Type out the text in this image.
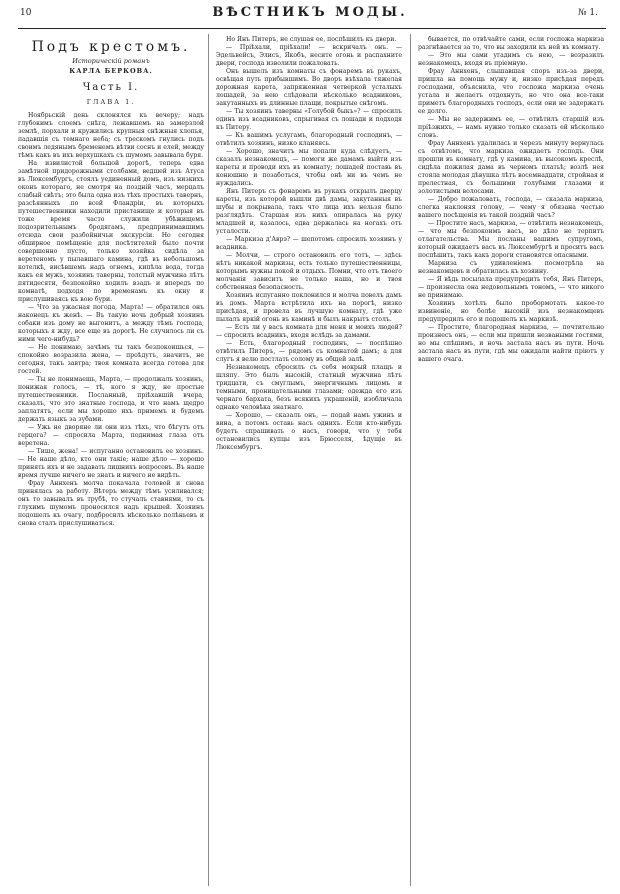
10	ВѢСТНИКЪ МОДЫ.	№ 1.
Подъ крестомъ.
Историческій романъ
КАРЛА БЕРКОВА.
Часть I.
ГЛАВА 1.

Ноябрьскій день склонялся къ вечеру; надъ глубокимъ слоемъ снѣга, лежавшемъ на замерзлой землѣ, порхали и кружились крупныя снѣжныя хлопья, падавшія съ темнаго неба; съ трескомъ гнулись подъ своимъ ледянымъ бременемъ вѣтви соснъ и елей, между тѣмъ какъ въ ихъ верхушкахъ съ шумомъ завывала буря.

На извилистой большой дорогѣ, теперь едва замѣтной придорожными столбами, ведшей изъ Атуса въ Люксембургъ, стоялъ уединенный домъ, изъ низкихъ оконъ котораго, не смотря на поздній часъ, мерцалъ слабый свѣтъ; это была одна изъ тѣхъ простыхъ тавернъ, разсѣянныхъ по всей Фландріи, въ которыхъ путешественники находили пристанище и которыя въ тоже время часто служили убѣжищемъ подозрительнымъ бродягамъ, предпринимавшимъ отсюда свои разбойничьи экскурсіи. Но сегодня обширное помѣщеніе для посѣтителей было почти совершенно пусто, только хозяйка сидѣла за веретеномъ у пылавшаго камина, гдѣ въ небольшомъ котелкѣ, висѣвшемъ надъ огнемъ, кипѣла вода, тогда какъ ея мужъ, хозяинъ таверны, толстый мужчина лѣтъ пятидесяти, безпокойно ходилъ взадъ и впередъ по комнатѣ, подходя по временамъ къ окну и прислушиваясь къ вою бури.

— Что за ужасная погода, Марта! — обратился онъ наконецъ къ женѣ. — Въ такую ночь добрый хозяинъ собаки изъ дому не выгонитъ, а между тѣмъ господа, которыхъ я жду, все еще въ дорогѣ. Не случилось ли съ ними чего-нибудь?

— Не понимаю, зачѣмъ ты такъ безпокоишься, — спокойно возразила жена, — проѣдутъ, значитъ, не сегодня, такъ завтра; твоя комната всегда готова для гостей.

— Ты не понимаешь, Марта, — продолжалъ хозяинъ, понижая голосъ, — тѣ, кого я жду, не простые путешественники. Посланный, пріѣхавшій вчера, сказалъ, что это знатные господа, и что намъ щедро заплатятъ, если мы хорошо ихъ примемъ и будемъ держать языкъ за зубами.

— Ужь не дворяне ли они изъ тѣхъ, что бѣгутъ отъ герцога? — спросила Марта, поднимая глаза отъ веретена.

— Тише, жена! — испуганно остановилъ ее хозяинъ. — Не наше дѣло, кто они такіе; наше дѣло — хорошо принять ихъ и не задавать лишнихъ вопросовъ. Въ наше время лучше ничего не знать и ничего не видѣть.

Фрау Аннхенъ молча покачала головой и снова принялась за работу. Вѣтеръ между тѣмъ усиливался; онъ то завывалъ въ трубѣ, то стучалъ ставнями, то съ глухимъ шумомъ проносился надъ крышей. Хозяинъ подошелъ къ очагу, подбросилъ нѣсколько полѣньевъ и снова сталъ прислушиваться.

Но Янъ Питеръ, не слушая ее, поспѣшилъ къ двери.

— Пріѣхали, пріѣхали! — вскричалъ онъ. — Эдельвейсъ, Элисъ, Якобъ, несите огонь и распахните двери, господа изволили пожаловать.

Онъ вышелъ изъ комнаты съ фонаремъ въ рукахъ, освѣщая путь прибывшимъ. Во дворъ въѣхала тяжелая дорожная карета, запряженная четверкой усталыхъ лошадей, за нею слѣдовали нѣсколько всадниковъ, закутанныхъ въ длинные плащи, покрытые снѣгомъ.

— Ты хозяинъ таверны «Голубой быкъ»? — спросилъ одинъ изъ всадниковъ, спрыгивая съ лошади и подходя къ Питеру.

— Къ вашимъ услугамъ, благородный господинъ, — отвѣтилъ хозяинъ, низко кланяясь.

— Хорошо, значитъ мы попали куда слѣдуетъ, — сказалъ незнакомецъ, — помоги же дамамъ выйти изъ кареты и проводи ихъ въ комнату; лошадей поставь въ конюшню и позаботься, чтобы онѣ ни въ чемъ не нуждались.

Янъ Питеръ съ фонаремъ въ рукахъ открылъ дверцу кареты, изъ которой вышли двѣ дамы, закутанныя въ шубы и покрывала, такъ что лица ихъ нельзя было разглядѣть. Старшая изъ нихъ опиралась на руку младшей и, казалось, едва держалась на ногахъ отъ усталости.

— Маркиза д'Аврэ? — шепотомъ спросилъ хозяинъ у всадника.

— Молчи, — строго остановилъ его тотъ, — здѣсь нѣтъ никакой маркизы, есть только путешественницы, которымъ нужны покой и отдыхъ. Помни, что отъ твоего молчанія зависитъ не только наша, но и твоя собственная безопасность.

Хозяинъ испуганно поклонился и молча повелъ дамъ въ домъ. Марта встрѣтила ихъ на порогѣ, низко присѣдая, и провела въ лучшую комнату, гдѣ уже пылалъ яркій огонь въ каминѣ и былъ накрытъ столъ.

— Есть ли у васъ комната для меня и моихъ людей? — спросилъ всадникъ, входя вслѣдъ за дамами.

— Есть, благородный господинъ, — поспѣшно отвѣтилъ Питеръ, — рядомъ съ комнатой дамъ; а для слугъ я велю постлать солому въ общей залѣ.

Незнакомецъ сбросилъ съ себя мокрый плащъ и шляпу. Это былъ высокій, статный мужчина лѣтъ тридцати, съ смуглымъ, энергичнымъ лицомъ и темными, проницательными глазами; одежда его изъ чернаго бархата, безъ всякихъ украшеній, изобличала однако человѣка знатнаго.

— Хорошо, — сказалъ онъ, — подай намъ ужинъ и вина, а потомъ оставь насъ однихъ. Если кто-нибудь будетъ спрашивать о насъ, говори, что у тебя остановились купцы изъ Брюсселя, ѣдущіе въ Люксембургъ.

бывается, по отвѣчайте сами, если госпожа маркиза разгнѣвается за то, что вы заходили къ ней въ комнату.

— Это мы сами угадимъ съ нею, — возразилъ незнакомецъ, входя въ пріемную.

Фрау Аннхенъ, слышавшая споръ изъ-за двери, пришла на помощь мужу и, низко присѣдая передъ господами, объяснила, что госпожа маркиза очень устала и желаетъ отдохнуть, но что она все-таки приметъ благородныхъ господъ, если они не задержатъ ее долго.

— Мы не задержимъ ее, — отвѣтилъ старшій изъ пріѣзжихъ, — намъ нужно только сказать ей нѣсколько словъ.

Фрау Аннхенъ удалилась и черезъ минуту вернулась съ отвѣтомъ, что маркиза ожидаетъ господъ. Они прошли въ комнату, гдѣ у камина, въ высокомъ креслѣ, сидѣла пожилая дама въ черномъ платьѣ; возлѣ нея стояла молодая дѣвушка лѣтъ восемнадцати, стройная и прелестная, съ большими голубыми глазами и золотистыми волосами.

— Добро пожаловать, господа, — сказала маркиза, слегка наклоняя голову, — чему я обязана честью вашего посѣщенія въ такой поздній часъ?

— Простите насъ, маркиза, — отвѣтилъ незнакомецъ, — что мы безпокоимъ васъ, но дѣло не терпитъ отлагательства. Мы посланы вашимъ супругомъ, который ожидаетъ васъ въ Люксембургѣ и проситъ васъ поспѣшить, такъ какъ дороги становятся опасными.

Маркиза съ удивленіемъ посмотрѣла на незнакомцевъ и обратилась къ хозяину.

— Я вѣдь посылала предупредить тебя, Янъ Питеръ, — произнесла она недовольнымъ тономъ, — что никого не принимаю.

Хозяинъ хотѣлъ было пробормотать какое-то извиненіе, но болѣе высокій изъ незнакомцевъ предупредилъ его и подошелъ къ маркизѣ.

— Простите, благородная маркиза, — почтительно произнесъ онъ, — если мы пришли незваными гостями, но мы спѣшимъ, и ночь застала насъ въ пути. Ночь застала насъ въ пути, гдѣ мы ожидали найти пріютъ у вашего очага.
